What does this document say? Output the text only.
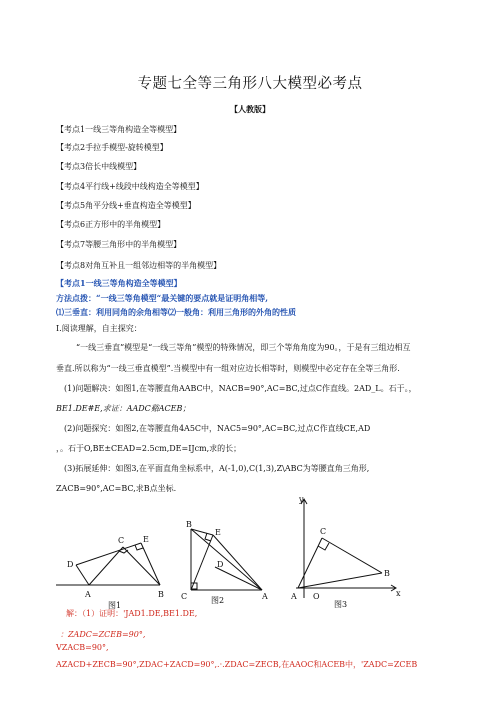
专题七全等三角形八大模型必考点
【人教版】
【考点1一线三等角构造全等模型】
【考点2手拉手模型-旋转模型】
【考点3倍长中线模型】
【考点4平行线+线段中线构造全等模型】
【考点5角平分线+垂直构造全等模型】
【考点6正方形中的半角模型】
【考点7等腰三角形中的半角模型】
【考点8对角互补且一组邻边相等的半角模型】
【考点1一线三等角构造全等模型】
方法点拨：“一线三等角模型“最关键的要点就是证明角相等,
⑴三垂直：利用同角的余角相等⑵一般角：利用三角形的外角的性质
I.阅读理解，自主探究：
“一线三垂直”模型是“一线三等角”模型的特殊情况，即三个等角角度为90。，于是有三组边相互
垂直.所以称为“一线三垂直模型”.当模型中有一组对应边长相等时，则模型中必定存在全等三角形.
(1)问题解决：如图1,在等腰直角AABC中，NACB=90°,AC=BC,过点C作直线。2AD_L。石于。，
BE1.DE#E,求证：AADC谿ACEB；
(2)问题探究：如图2,在等腰直角4A5C中，NAC5=90°,AC=BC,过点C作直线CE,AD
，。石于O,BE±CEAD=2.5cm,DE=IJcm,求的长；
(3)拓展延伸：如图3,在平面直角坐标系中，A(-1,0),C(1,3),Z\ABC为等腰直角三角形,
ZACB=90°,AC=BC,求B点坐标.
E
C
D
A	B
图1
B
E
D
C	A
图2
y
C
B
A O	x
图3
解：（1）证明：'JAD1.DE,BE1.DE,
：ZADC=ZCEB=90°,
VZACB=90°,
AZACD+ZECB=90°,ZDAC+ZACD=90°,.·.ZDAC=ZECB,在AAOC和ACEB中，'ZADC=ZCEB
